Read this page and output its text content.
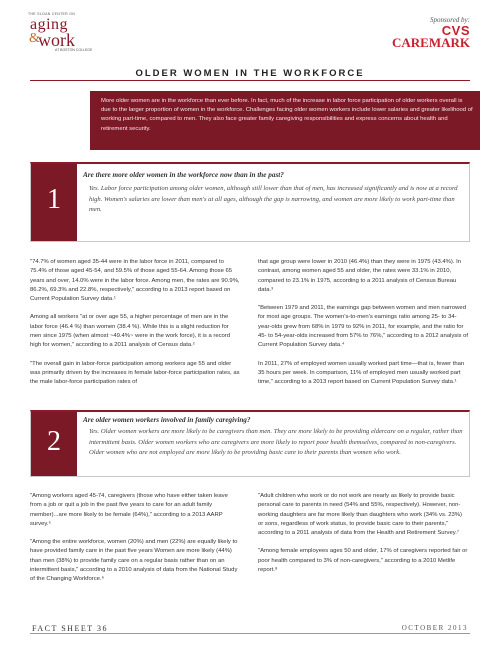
THE SLOAN CENTER ON
aging
&
work
AT BOSTON COLLEGE
Sponsored by:
CVS
CAREMARK
OLDER WOMEN IN THE WORKFORCE
More older women are in the workforce than ever before. In fact, much of the increase in labor force participation of older workers overall is due to the larger proportion of women in the workforce. Challenges facing older women workers include lower salaries and greater likelihood of working part-time, compared to men. They also face greater family caregiving responsibilities and express concerns about health and retirement security.
1
Are there more older women in the workforce now than in the past?
Yes. Labor force participation among older women, although still lower than that of men, has increased significantly and is now at a record high. Women's salaries are lower than men's at all ages, although the gap is narrowing, and women are more likely to work part-time than men.

"74.7% of women aged 35-44 were in the labor force in 2011, compared to 75.4% of those aged 45-54, and 59.5% of those aged 55-64. Among those 65 years and over, 14.0% were in the labor force. Among men, the rates are 90.9%, 86.2%, 69.3% and 22.8%, respectively," according to a 2013 report based on Current Population Survey data.¹

Among all workers "at or over age 55, a higher percentage of men are in the labor force (46.4 %) than women (38.4 %). While this is a slight reduction for men since 1975 (when almost ~49.4%~ were in the work force), it is a record high for women," according to a 2011 analysis of Census data.²

"The overall gain in labor-force participation among workers age 55 and older was primarily driven by the increases in female labor-force participation rates, as the male labor-force participation rates of

that age group were lower in 2010 (46.4%) than they were in 1975 (43.4%). In contrast, among women aged 55 and older, the rates were 33.1% in 2010, compared to 23.1% in 1975, according to a 2011 analysis of Census Bureau data.³

"Between 1979 and 2011, the earnings gap between women and men narrowed for most age groups. The women's-to-men's earnings ratio among 25- to 34-year-olds grew from 68% in 1979 to 92% in 2011, for example, and the ratio for 45- to 54-year-olds increased from 57% to 76%," according to a 2012 analysis of Current Population Survey data.⁴

In 2011, 27% of employed women usually worked part time—that is, fewer than 35 hours per week. In comparison, 11% of employed men usually worked part time," according to a 2013 report based on Current Population Survey data.¹

2
Are older women workers involved in family caregiving?
Yes. Older women workers are more likely to be caregivers than men. They are more likely to be providing eldercare on a regular, rather than intermittent basis. Older women workers who are caregivers are more likely to report poor health themselves, compared to non-caregivers. Older women who are not employed are more likely to be providing basic care to their parents than women who work.

"Among workers aged 45-74, caregivers (those who have either taken leave from a job or quit a job in the past five years to care for an adult family member)...are more likely to be female (64%)," according to a 2013 AARP survey.⁵

"Among the entire workforce, women (20%) and men (22%) are equally likely to have provided family care in the past five years Women are more likely (44%) than men (38%) to provide family care on a regular basis rather than on an intermittent basis," according to a 2010 analysis of data from the National Study of the Changing Workforce.⁶

"Adult children who work or do not work are nearly as likely to provide basic personal care to parents in need (54% and 55%, respectively). However, non-working daughters are far more likely than daughters who work (34% vs. 23%) or sons, regardless of work status, to provide basic care to their parents," according to a 2011 analysis of data from the Health and Retirement Survey.⁷

"Among female employees ages 50 and older, 17% of caregivers reported fair or poor health compared to 3% of non-caregivers," according to a 2010 Metlife report.⁸

FACT SHEET 36	OCTOBER 2013
